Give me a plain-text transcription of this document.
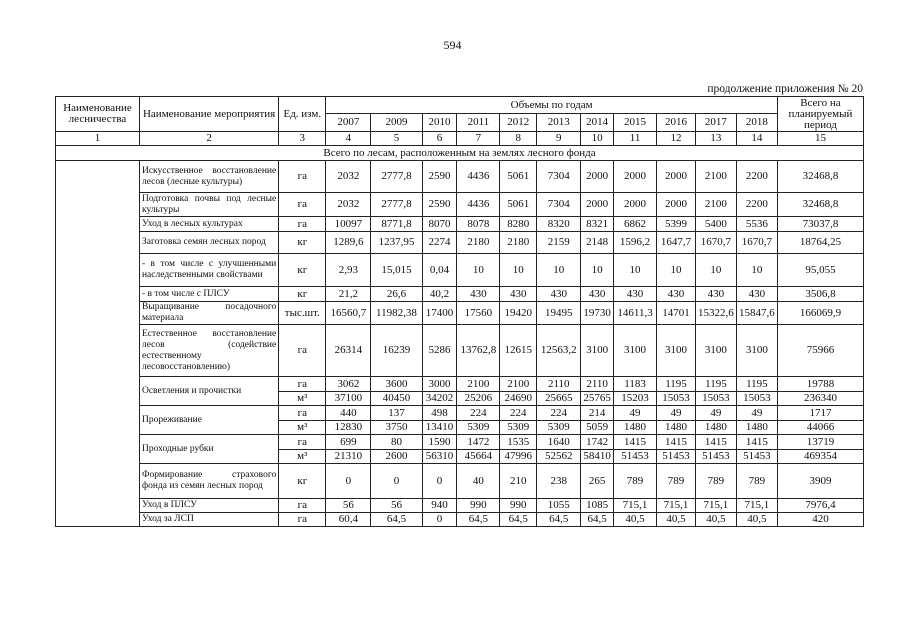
594
продолжение приложения № 20
Наименование лесничества	Наименование мероприятия	Ед. изм.	Объемы по годам											Всего на планируемый период
			2007	2009	2010	2011	2012	2013	2014	2015	2016	2017	2018	
1	2	3	4	5	6	7	8	9	10	11	12	13	14	15
Всего по лесам, расположенным на землях лесного фонда														
	Искусственное восстановление лесов (лесные культуры)	га	2032	2777,8	2590	4436	5061	7304	2000	2000	2000	2100	2200	32468,8
	Подготовка почвы под лесные культуры	га	2032	2777,8	2590	4436	5061	7304	2000	2000	2000	2100	2200	32468,8
	Уход в лесных культурах	га	10097	8771,8	8070	8078	8280	8320	8321	6862	5399	5400	5536	73037,8
	Заготовка семян лесных пород	кг	1289,6	1237,95	2274	2180	2180	2159	2148	1596,2	1647,7	1670,7	1670,7	18764,25
	- в том числе с улучшенными наследственными свойствами	кг	2,93	15,015	0,04	10	10	10	10	10	10	10	10	95,055
	- в том числе с ПЛСУ	кг	21,2	26,6	40,2	430	430	430	430	430	430	430	430	3506,8
	Выращивание посадочного материала	тыс.шт.	16560,7	11982,38	17400	17560	19420	19495	19730	14611,3	14701	15322,6	15847,6	166069,9
	Естественное восстановление лесов (содействие естественному лесовосстановлению)	га	26314	16239	5286	13762,8	12615	12563,2	3100	3100	3100	3100	3100	75966
	Осветления и прочистки	га	3062	3600	3000	2100	2100	2110	2110	1183	1195	1195	1195	19788
		м³	37100	40450	34202	25206	24690	25665	25765	15203	15053	15053	15053	236340
	Прореживание	га	440	137	498	224	224	224	214	49	49	49	49	1717
		м³	12830	3750	13410	5309	5309	5309	5059	1480	1480	1480	1480	44066
	Проходные рубки	га	699	80	1590	1472	1535	1640	1742	1415	1415	1415	1415	13719
		м³	21310	2600	56310	45664	47996	52562	58410	51453	51453	51453	51453	469354
	Формирование страхового фонда из семян лесных пород	кг	0	0	0	40	210	238	265	789	789	789	789	3909
	Уход в ПЛСУ	га	56	56	940	990	990	1055	1085	715,1	715,1	715,1	715,1	7976,4
	Уход за ЛСП	га	60,4	64,5	0	64,5	64,5	64,5	64,5	40,5	40,5	40,5	40,5	420
